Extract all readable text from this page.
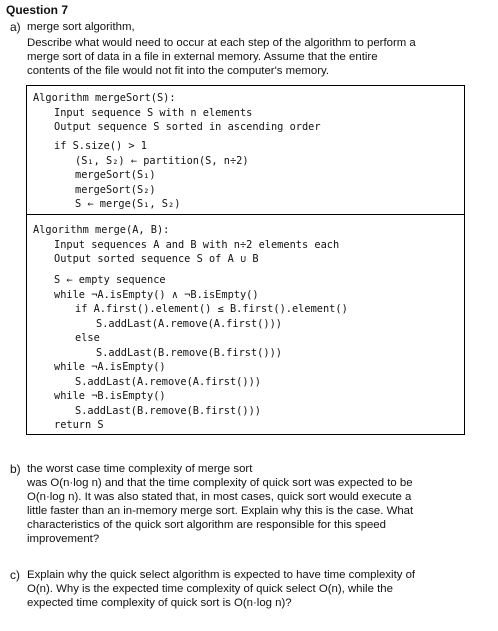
Question 7
a) merge sort algorithm,
Describe what would need to occur at each step of the algorithm to perform a
merge sort of data in a file in external memory. Assume that the entire
contents of the file would not fit into the computer's memory.
Algorithm mergeSort(S):
Input sequence S with n elements
Output sequence S sorted in ascending order
if S.size() > 1
(S₁, S₂) ← partition(S, n÷2)
mergeSort(S₁)
mergeSort(S₂)
S ← merge(S₁, S₂)
Algorithm merge(A, B):
Input sequences A and B with n÷2 elements each
Output sorted sequence S of A ∪ B
S ← empty sequence
while ¬A.isEmpty() ∧ ¬B.isEmpty()
if A.first().element() ≤ B.first().element()
S.addLast(A.remove(A.first()))
else
S.addLast(B.remove(B.first()))
while ¬A.isEmpty()
S.addLast(A.remove(A.first()))
while ¬B.isEmpty()
S.addLast(B.remove(B.first()))
return S
b) the worst case time complexity of merge sort
was O(n·log n) and that the time complexity of quick sort was expected to be
O(n·log n). It was also stated that, in most cases, quick sort would execute a
little faster than an in-memory merge sort. Explain why this is the case. What
characteristics of the quick sort algorithm are responsible for this speed
improvement?
c) Explain why the quick select algorithm is expected to have time complexity of
O(n). Why is the expected time complexity of quick select O(n), while the
expected time complexity of quick sort is O(n·log n)?
